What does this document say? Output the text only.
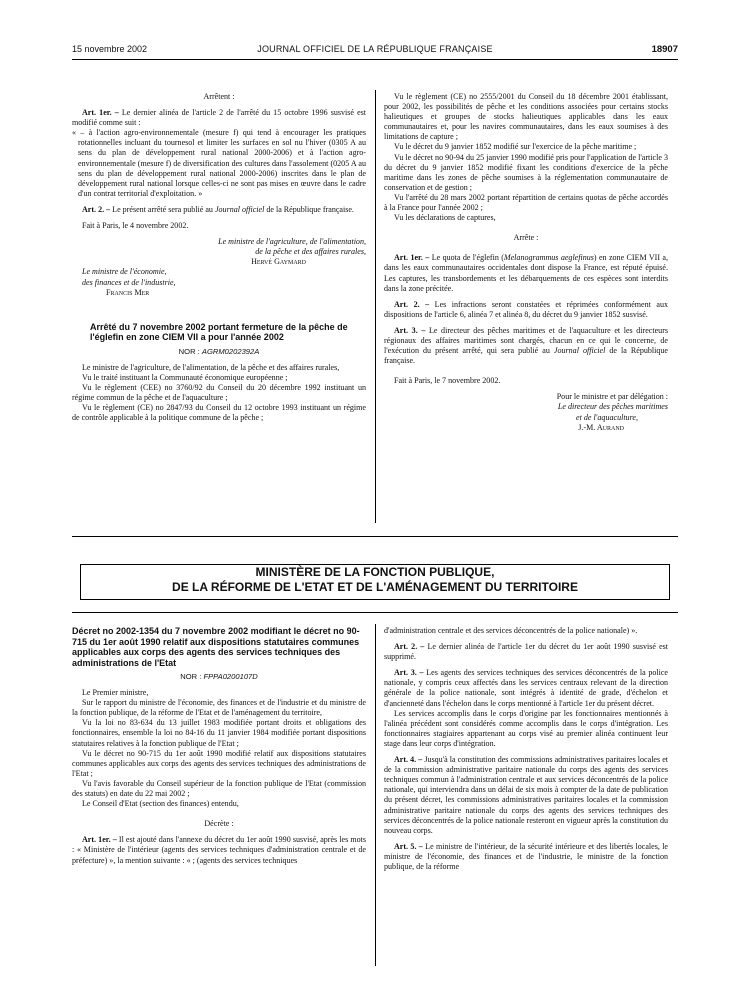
15 novembre 2002	JOURNAL OFFICIEL DE LA RÉPUBLIQUE FRANÇAISE	18907

Arrêtent :

Art. 1er. – Le dernier alinéa de l'article 2 de l'arrêté du 15 octobre 1996 susvisé est modifié comme suit :

« – à l'action agro-environnementale (mesure f) qui tend à encourager les pratiques rotationnelles incluant du tournesol et limiter les surfaces en sol nu l'hiver (0305 A au sens du plan de développement rural national 2000-2006) et à l'action agro-environnementale (mesure f) de diversification des cultures dans l'assolement (0205 A au sens du plan de développement rural national 2000-2006) inscrites dans le plan de développement rural national lorsque celles-ci ne sont pas mises en œuvre dans le cadre d'un contrat territorial d'exploitation. »

Art. 2. – Le présent arrêté sera publié au Journal officiel de la République française.

Fait à Paris, le 4 novembre 2002.

Le ministre de l'agriculture, de l'alimentation,

de la pêche et des affaires rurales,

Hervé Gaymard

Le ministre de l'économie,

des finances et de l'industrie,

Francis Mer

Arrêté du 7 novembre 2002 portant fermeture de la pêche de l'églefin en zone CIEM VII a pour l'année 2002

NOR : AGRM0202392A

Le ministre de l'agriculture, de l'alimentation, de la pêche et des affaires rurales,

Vu le traité instituant la Communauté économique européenne ;

Vu le règlement (CEE) no 3760/92 du Conseil du 20 décembre 1992 instituant un régime commun de la pêche et de l'aquaculture ;

Vu le règlement (CE) no 2847/93 du Conseil du 12 octobre 1993 instituant un régime de contrôle applicable à la politique commune de la pêche ;

Vu le règlement (CE) no 2555/2001 du Conseil du 18 décembre 2001 établissant, pour 2002, les possibilités de pêche et les conditions associées pour certains stocks halieutiques et groupes de stocks halieutiques applicables dans les eaux communautaires et, pour les navires communautaires, dans les eaux soumises à des limitations de capture ;

Vu le décret du 9 janvier 1852 modifié sur l'exercice de la pêche maritime ;

Vu le décret no 90-94 du 25 janvier 1990 modifié pris pour l'application de l'article 3 du décret du 9 janvier 1852 modifié fixant les conditions d'exercice de la pêche maritime dans les zones de pêche soumises à la réglementation communautaire de conservation et de gestion ;

Vu l'arrêté du 28 mars 2002 portant répartition de certains quotas de pêche accordés à la France pour l'année 2002 ;

Vu les déclarations de captures,

Arrête :

Art. 1er. – Le quota de l'églefin (Melanogrammus aeglefinus) en zone CIEM VII a, dans les eaux communautaires occidentales dont dispose la France, est réputé épuisé. Les captures, les transbordements et les débarquements de ces espèces sont interdits dans la zone précitée.

Art. 2. – Les infractions seront constatées et réprimées conformément aux dispositions de l'article 6, alinéa 7 et alinéa 8, du décret du 9 janvier 1852 susvisé.

Art. 3. – Le directeur des pêches maritimes et de l'aquaculture et les directeurs régionaux des affaires maritimes sont chargés, chacun en ce qui le concerne, de l'exécution du présent arrêté, qui sera publié au Journal officiel de la République française.

Fait à Paris, le 7 novembre 2002.

Pour le ministre et par délégation :

Le directeur des pêches maritimes

et de l'aquaculture,

J.-M. Aurand

MINISTÈRE DE LA FONCTION PUBLIQUE,
DE LA RÉFORME DE L'ETAT ET DE L'AMÉNAGEMENT DU TERRITOIRE

Décret no 2002-1354 du 7 novembre 2002 modifiant le décret no 90-715 du 1er août 1990 relatif aux dispositions statutaires communes applicables aux corps des agents des services techniques des administrations de l'Etat

NOR : FPPA0200107D

Le Premier ministre,

Sur le rapport du ministre de l'économie, des finances et de l'industrie et du ministre de la fonction publique, de la réforme de l'Etat et de l'aménagement du territoire,

Vu la loi no 83-634 du 13 juillet 1983 modifiée portant droits et obligations des fonctionnaires, ensemble la loi no 84-16 du 11 janvier 1984 modifiée portant dispositions statutaires relatives à la fonction publique de l'Etat ;

Vu le décret no 90-715 du 1er août 1990 modifié relatif aux dispositions statutaires communes applicables aux corps des agents des services techniques des administrations de l'Etat ;

Vu l'avis favorable du Conseil supérieur de la fonction publique de l'Etat (commission des statuts) en date du 22 mai 2002 ;

Le Conseil d'Etat (section des finances) entendu,

Décrète :

Art. 1er. – Il est ajouté dans l'annexe du décret du 1er août 1990 susvisé, après les mots : « Ministère de l'intérieur (agents des services techniques d'administration centrale et de préfecture) », la mention suivante : « ; (agents des services techniques

d'administration centrale et des services déconcentrés de la police nationale) ».

Art. 2. – Le dernier alinéa de l'article 1er du décret du 1er août 1990 susvisé est supprimé.

Art. 3. – Les agents des services techniques des services déconcentrés de la police nationale, y compris ceux affectés dans les services centraux relevant de la direction générale de la police nationale, sont intégrés à identité de grade, d'échelon et d'ancienneté dans l'échelon dans le corps mentionné à l'article 1er du présent décret.

Les services accomplis dans le corps d'origine par les fonctionnaires mentionnés à l'alinéa précédent sont considérés comme accomplis dans le corps d'intégration. Les fonctionnaires stagiaires appartenant au corps visé au premier alinéa continuent leur stage dans leur corps d'intégration.

Art. 4. – Jusqu'à la constitution des commissions administratives paritaires locales et de la commission administrative paritaire nationale du corps des agents des services techniques commun à l'administration centrale et aux services déconcentrés de la police nationale, qui interviendra dans un délai de six mois à compter de la date de publication du présent décret, les commissions administratives paritaires locales et la commission administrative paritaire nationale du corps des agents des services techniques des services déconcentrés de la police nationale resteront en vigueur après la constitution du nouveau corps.

Art. 5. – Le ministre de l'intérieur, de la sécurité intérieure et des libertés locales, le ministre de l'économie, des finances et de l'industrie, le ministre de la fonction publique, de la réforme
